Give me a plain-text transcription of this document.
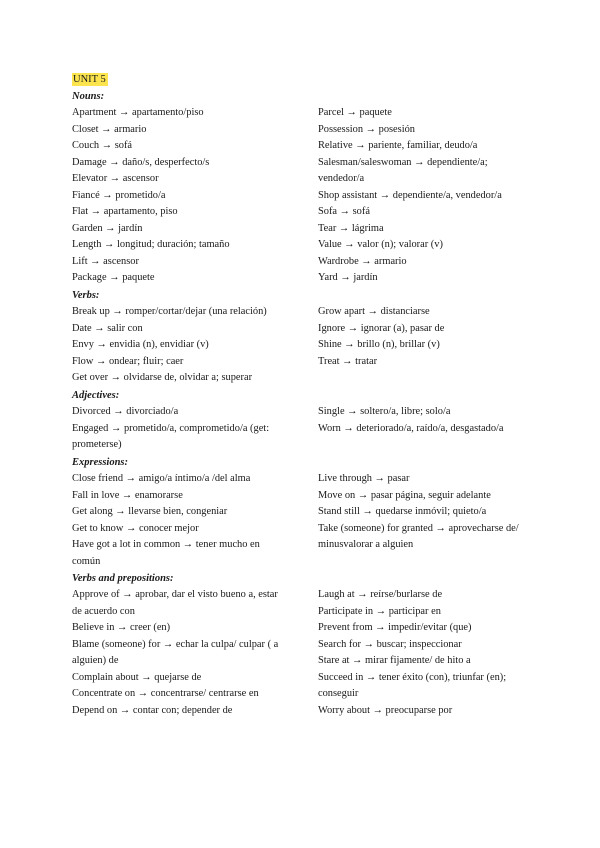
UNIT 5
Nouns:
Apartment → apartamento/piso
Closet → armario
Couch → sofá
Damage → daño/s, desperfecto/s
Elevator → ascensor
Fiancé → prometido/a
Flat → apartamento, piso
Garden → jardín
Length → longitud; duración; tamaño
Lift → ascensor
Package → paquete
Parcel → paquete
Possession → posesión
Relative → pariente, familiar, deudo/a
Salesman/saleswoman → dependiente/a; vendedor/a
Shop assistant → dependiente/a, vendedor/a
Sofa → sofá
Tear → lágrima
Value → valor (n); valorar (v)
Wardrobe → armario
Yard → jardín
Verbs:
Break up → romper/cortar/dejar (una relación)
Date → salir con
Envy → envidia (n), envidiar (v)
Flow → ondear; fluir; caer
Get over → olvidarse de, olvidar a; superar
Grow apart → distanciarse
Ignore → ignorar (a), pasar de
Shine → brillo (n), brillar (v)
Treat → tratar
Adjectives:
Divorced → divorciado/a
Engaged → prometido/a, comprometido/a (get: prometerse)
Single → soltero/a, libre; solo/a
Worn → deteriorado/a, raído/a, desgastado/a
Expressions:
Close friend → amigo/a íntimo/a /del alma
Fall in love → enamorarse
Get along → llevarse bien, congeniar
Get to know → conocer mejor
Have got a lot in common → tener mucho en común
Live through → pasar
Move on → pasar página, seguir adelante
Stand still → quedarse inmóvil; quieto/a
Take (someone) for granted → aprovecharse de/ minusvalorar a alguien
Verbs and prepositions:
Approve of → aprobar, dar el visto bueno a, estar de acuerdo con
Believe in → creer (en)
Blame (someone) for → echar la culpa/ culpar ( a alguien) de
Complain about → quejarse de
Concentrate on → concentrarse/ centrarse en
Depend on → contar con; depender de
Laugh at → reírse/burlarse de
Participate in → participar en
Prevent from → impedir/evitar (que)
Search for → buscar; inspeccionar
Stare at → mirar fijamente/ de hito a
Succeed in → tener éxito (con), triunfar (en); conseguir
Worry about → preocuparse por
